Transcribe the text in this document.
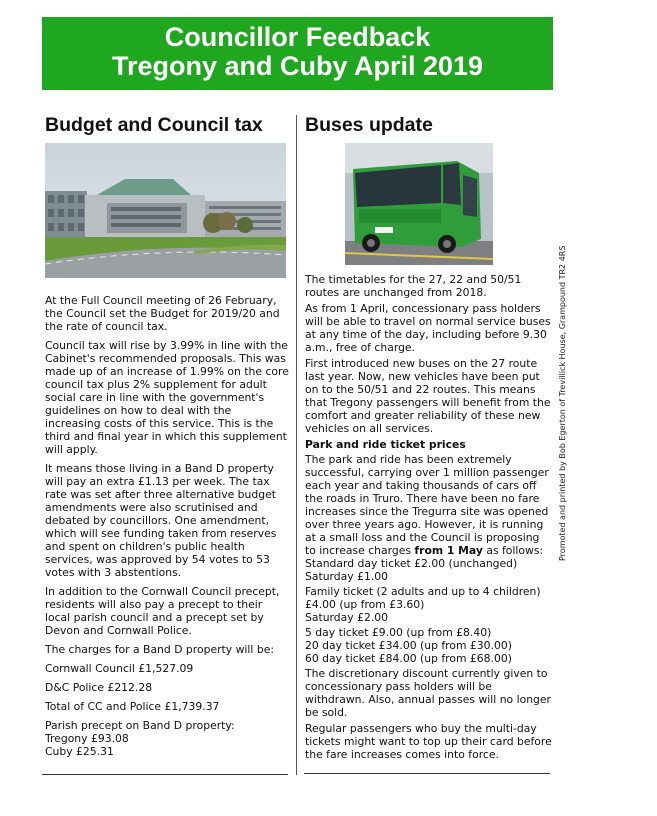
Councillor Feedback
Tregony and Cuby April 2019
Budget and Council tax

At the Full Council meeting of 26 February, the Council set the Budget for 2019/20 and the rate of council tax.

Council tax will rise by 3.99% in line with the Cabinet's recommended proposals. This was made up of an increase of 1.99% on the core council tax plus 2% supplement for adult social care in line with the government's guidelines on how to deal with the increasing costs of this service. This is the third and final year in which this supplement will apply.

It means those living in a Band D property will pay an extra £1.13 per week. The tax rate was set after three alternative budget amendments were also scrutinised and debated by councillors. One amendment, which will see funding taken from reserves and spent on children's public health services, was approved by 54 votes to 53 votes with 3 abstentions.

In addition to the Cornwall Council precept, residents will also pay a precept to their local parish council and a precept set by Devon and Cornwall Police.

The charges for a Band D property will be:

Cornwall Council £1,527.09

D&C Police £212.28

Total of CC and Police £1,739.37

Parish precept on Band D property:
Tregony £93.08
Cuby £25.31
Buses update
The timetables for the 27, 22 and 50/51 routes are unchanged from 2018.
As from 1 April, concessionary pass holders will be able to travel on normal service buses at any time of the day, including before 9.30 a.m., free of charge.
First introduced new buses on the 27 route last year. Now, new vehicles have been put on to the 50/51 and 22 routes. This means that Tregony passengers will benefit from the comfort and greater reliability of these new vehicles on all services.
Park and ride ticket prices
The park and ride has been extremely successful, carrying over 1 million passenger each year and taking thousands of cars off the roads in Truro. There have been no fare increases since the Tregurra site was opened over three years ago. However, it is running at a small loss and the Council is proposing to increase charges from 1 May as follows:
Standard day ticket £2.00 (unchanged)
Saturday £1.00
Family ticket (2 adults and up to 4 children) £4.00 (up from £3.60)
Saturday £2.00
5 day ticket £9.00 (up from £8.40)
20 day ticket £34.00 (up from £30.00)
60 day ticket £84.00 (up from £68.00)
The discretionary discount currently given to concessionary pass holders will be withdrawn. Also, annual passes will no longer be sold.
Regular passengers who buy the multi-day tickets might want to top up their card before the fare increases comes into force.
Promoted and printed by Bob Egerton of Trevillick House, Grampound TR2 4RS
